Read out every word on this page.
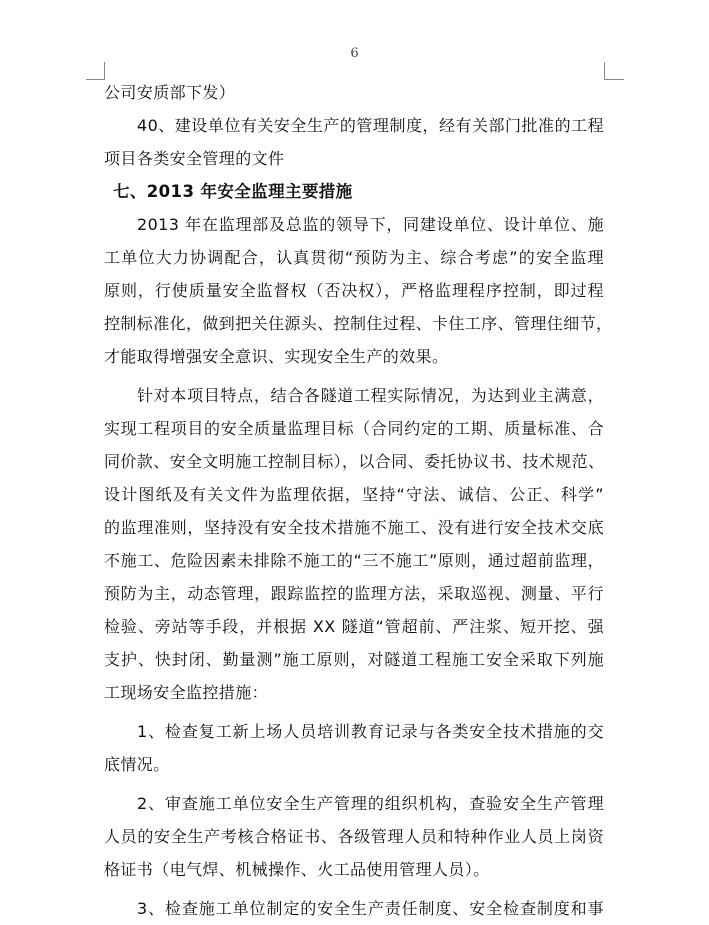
6
公司安质部下发）
40、建设单位有关安全生产的管理制度，经有关部门批准的工程
项目各类安全管理的文件
七、2013 年安全监理主要措施
2013 年在监理部及总监的领导下，同建设单位、设计单位、施
工单位大力协调配合，认真贯彻“预防为主、综合考虑”的安全监理
原则，行使质量安全监督权（否决权），严格监理程序控制，即过程
控制标准化，做到把关住源头、控制住过程、卡住工序、管理住细节，
才能取得增强安全意识、实现安全生产的效果。
针对本项目特点，结合各隧道工程实际情况，为达到业主满意，
实现工程项目的安全质量监理目标（合同约定的工期、质量标准、合
同价款、安全文明施工控制目标），以合同、委托协议书、技术规范、
设计图纸及有关文件为监理依据，坚持“守法、诚信、公正、科学”
的监理准则，坚持没有安全技术措施不施工、没有进行安全技术交底
不施工、危险因素未排除不施工的“三不施工”原则，通过超前监理，
预防为主，动态管理，跟踪监控的监理方法，采取巡视、测量、平行
检验、旁站等手段，并根据 XX 隧道“管超前、严注浆、短开挖、强
支护、快封闭、勤量测”施工原则，对隧道工程施工安全采取下列施
工现场安全监控措施：
1、检查复工新上场人员培训教育记录与各类安全技术措施的交
底情况。
2、审查施工单位安全生产管理的组织机构，查验安全生产管理
人员的安全生产考核合格证书、各级管理人员和特种作业人员上岗资
格证书（电气焊、机械操作、火工品使用管理人员）。
3、检查施工单位制定的安全生产责任制度、安全检查制度和事
